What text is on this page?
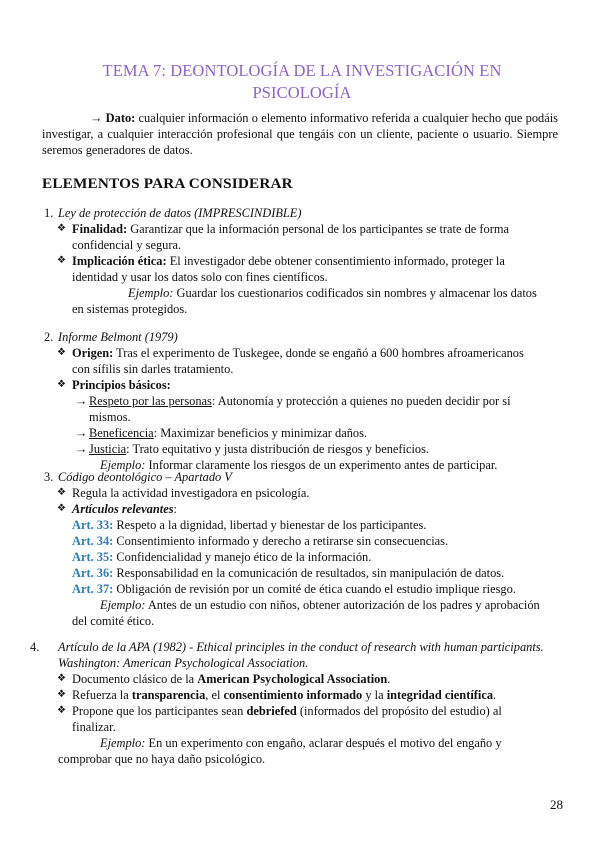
TEMA 7: DEONTOLOGÍA DE LA INVESTIGACIÓN EN PSICOLOGÍA
→ Dato: cualquier información o elemento informativo referida a cualquier hecho que podáis investigar, a cualquier interacción profesional que tengáis con un cliente, paciente o usuario. Siempre seremos generadores de datos.
ELEMENTOS PARA CONSIDERAR
1. Ley de protección de datos (IMPRESCINDIBLE)
❖ Finalidad: Garantizar que la información personal de los participantes se trate de forma confidencial y segura.
❖ Implicación ética: El investigador debe obtener consentimiento informado, proteger la identidad y usar los datos solo con fines científicos.
Ejemplo: Guardar los cuestionarios codificados sin nombres y almacenar los datos en sistemas protegidos.
2. Informe Belmont (1979)
❖ Origen: Tras el experimento de Tuskegee, donde se engañó a 600 hombres afroamericanos con sífilis sin darles tratamiento.
❖ Principios básicos:
→ Respeto por las personas: Autonomía y protección a quienes no pueden decidir por sí mismos.
→ Beneficencia: Maximizar beneficios y minimizar daños.
→ Justicia: Trato equitativo y justa distribución de riesgos y beneficios.
Ejemplo: Informar claramente los riesgos de un experimento antes de participar.
3. Código deontológico – Apartado V
❖ Regula la actividad investigadora en psicología.
❖ Artículos relevantes:
Art. 33: Respeto a la dignidad, libertad y bienestar de los participantes.
Art. 34: Consentimiento informado y derecho a retirarse sin consecuencias.
Art. 35: Confidencialidad y manejo ético de la información.
Art. 36: Responsabilidad en la comunicación de resultados, sin manipulación de datos.
Art. 37: Obligación de revisión por un comité de ética cuando el estudio implique riesgo.
Ejemplo: Antes de un estudio con niños, obtener autorización de los padres y aprobación del comité ético.
4. Artículo de la APA (1982) - Ethical principles in the conduct of research with human participants. Washington: American Psychological Association.
❖ Documento clásico de la American Psychological Association.
❖ Refuerza la transparencia, el consentimiento informado y la integridad científica.
❖ Propone que los participantes sean debriefed (informados del propósito del estudio) al finalizar.
Ejemplo: En un experimento con engaño, aclarar después el motivo del engaño y comprobar que no haya daño psicológico.
28
